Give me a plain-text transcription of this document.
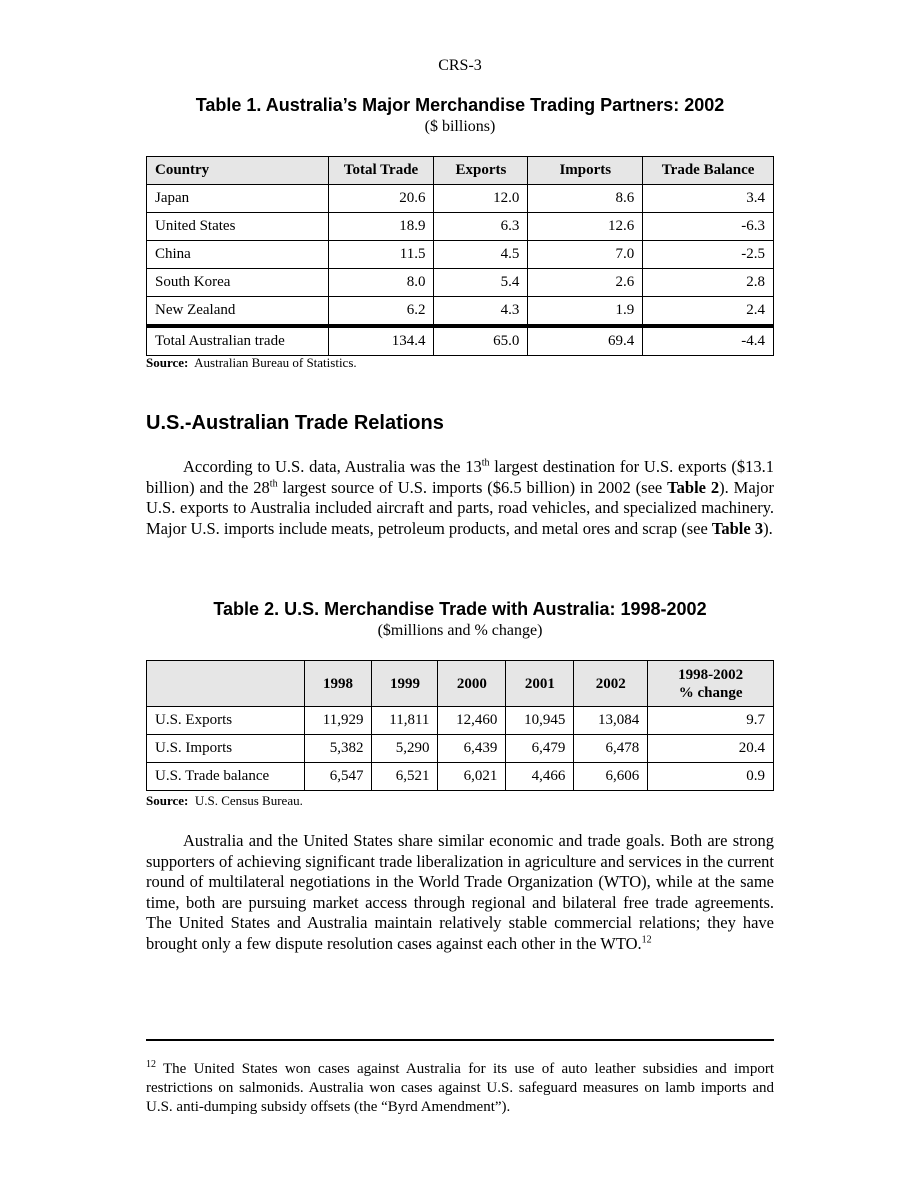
CRS-3
Table 1. Australia’s Major Merchandise Trading Partners: 2002
($ billions)
Country	Total Trade	Exports	Imports	Trade Balance
Japan	20.6	12.0	8.6	3.4
United States	18.9	6.3	12.6	-6.3
China	11.5	4.5	7.0	-2.5
South Korea	8.0	5.4	2.6	2.8
New Zealand	6.2	4.3	1.9	2.4
Total Australian trade	134.4	65.0	69.4	-4.4
Source: Australian Bureau of Statistics.
U.S.-Australian Trade Relations

According to U.S. data, Australia was the 13th largest destination for U.S. exports ($13.1 billion) and the 28th largest source of U.S. imports ($6.5 billion) in 2002 (see Table 2). Major U.S. exports to Australia included aircraft and parts, road vehicles, and specialized machinery. Major U.S. imports include meats, petroleum products, and metal ores and scrap (see Table 3).

Table 2. U.S. Merchandise Trade with Australia: 1998-2002
($millions and % change)
	1998	1999	2000	2001	2002	1998-2002
% change

U.S. Exports	11,929	11,811	12,460	10,945	13,084	9.7
U.S. Imports	5,382	5,290	6,439	6,479	6,478	20.4
U.S. Trade balance	6,547	6,521	6,021	4,466	6,606	0.9
Source: U.S. Census Bureau.

Australia and the United States share similar economic and trade goals. Both are strong supporters of achieving significant trade liberalization in agriculture and services in the current round of multilateral negotiations in the World Trade Organization (WTO), while at the same time, both are pursuing market access through regional and bilateral free trade agreements. The United States and Australia maintain relatively stable commercial relations; they have brought only a few dispute resolution cases against each other in the WTO.$^{12}$

$^{12}$ The United States won cases against Australia for its use of auto leather subsidies and import restrictions on salmonids. Australia won cases against U.S. safeguard measures on lamb imports and U.S. anti-dumping subsidy offsets (the “Byrd Amendment”).
